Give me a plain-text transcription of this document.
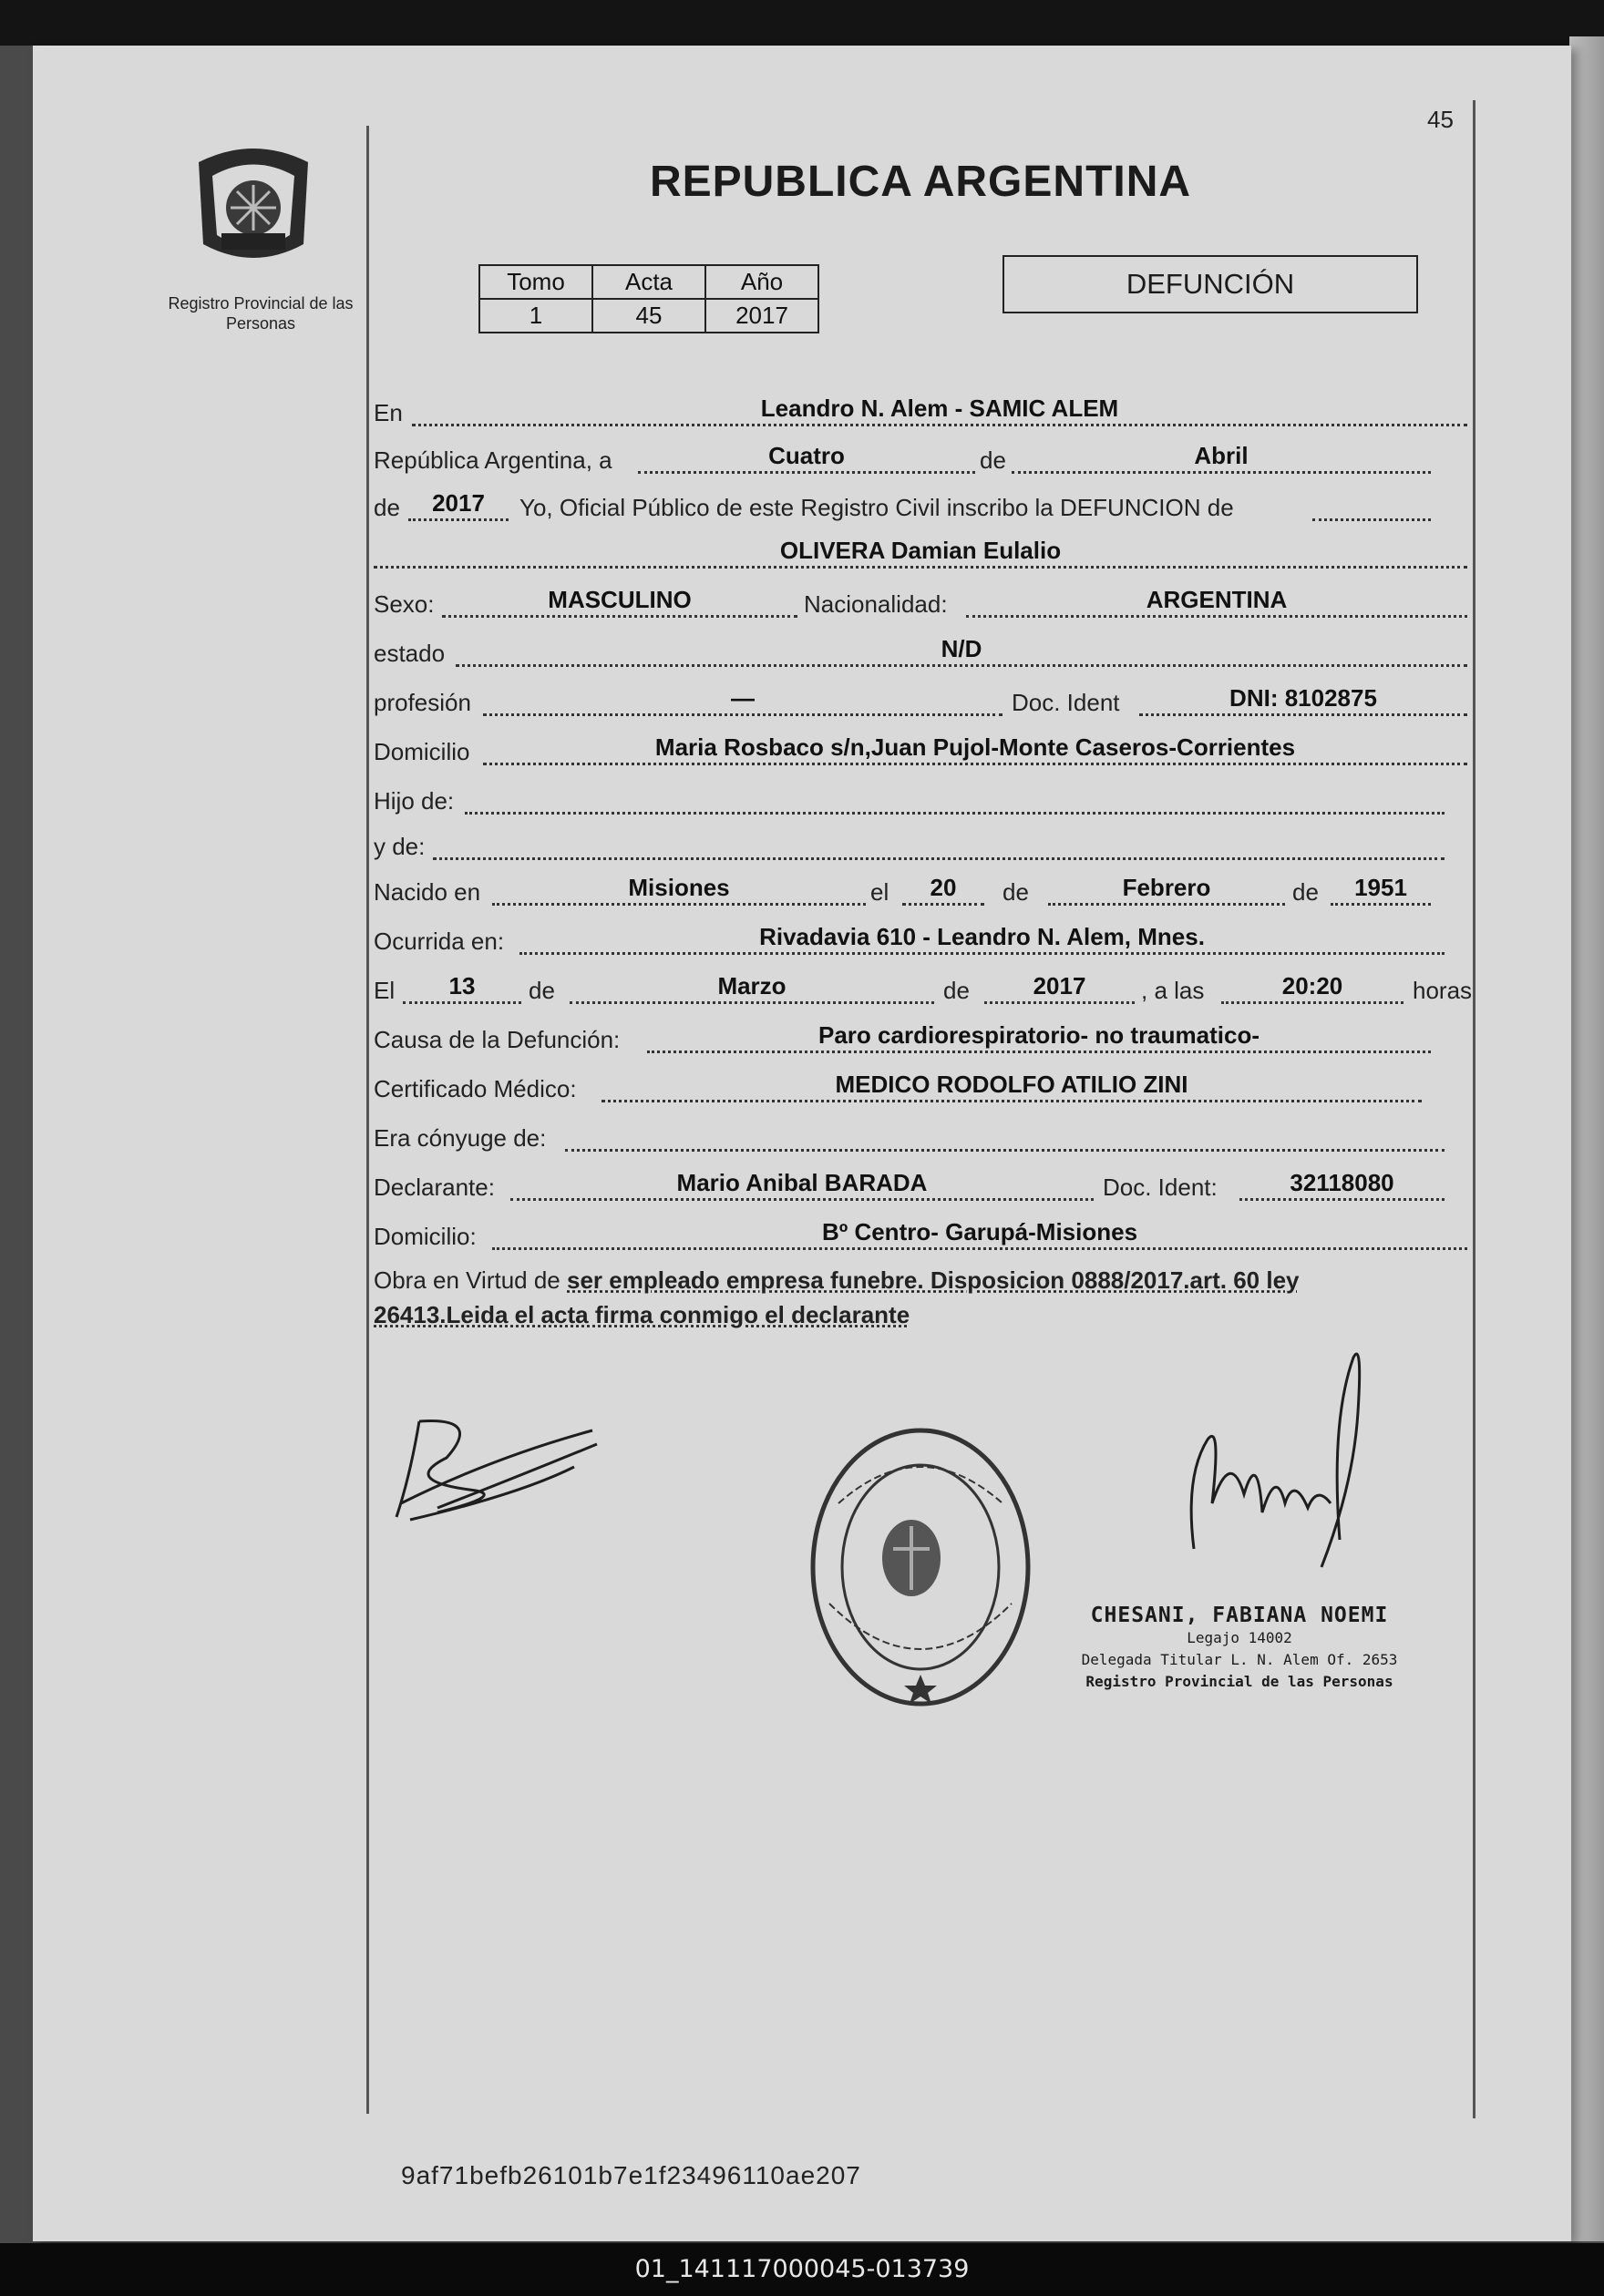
45
Registro Provincial de las Personas
REPUBLICA ARGENTINA
Tomo	Acta	Año
1	45	2017
DEFUNCIÓN
En	Leandro N. Alem - SAMIC ALEM
República Argentina, a	Cuatro	de	Abril
de	2017	Yo, Oficial Público de este Registro Civil inscribo la DEFUNCION de
OLIVERA Damian Eulalio
Sexo:	MASCULINO	Nacionalidad:	ARGENTINA
estado	N/D
profesión	—	Doc. Ident	DNI: 8102875
Domicilio	Maria Rosbaco s/n,Juan Pujol-Monte Caseros-Corrientes
Hijo de:
y de:
Nacido en	Misiones	el	20	de	Febrero	de	1951
Ocurrida en:	Rivadavia 610 - Leandro N. Alem, Mnes.
El	13	de	Marzo	de	2017	, a las	20:20	horas
Causa de la Defunción:	Paro cardiorespiratorio- no traumatico-
Certificado Médico:	MEDICO RODOLFO ATILIO ZINI
Era cónyuge de:
Declarante:	Mario Anibal BARADA	Doc. Ident:	32118080
Domicilio:	Bº Centro- Garupá-Misiones
Obra en Virtud de ser empleado empresa funebre. Disposicion 0888/2017.art. 60 ley
26413.Leida el acta firma conmigo el declarante
CHESANI, FABIANA NOEMI
Legajo 14002
Delegada Titular L. N. Alem Of. 2653
Registro Provincial de las Personas
9af71befb26101b7e1f23496110ae207
01_141117000045-013739
